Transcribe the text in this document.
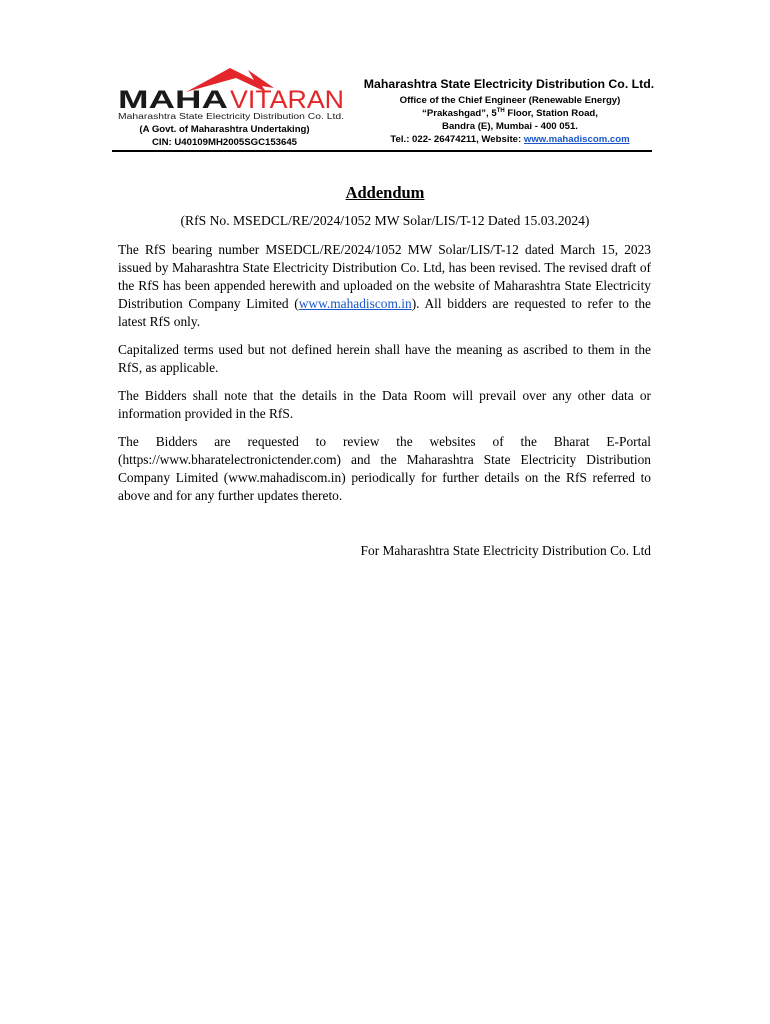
MAHA VITARAN
Maharashtra State Electricity Distribution Co. Ltd.
(A Govt. of Maharashtra Undertaking)
CIN: U40109MH2005SGC153645
Maharashtra State Electricity Distribution Co. Ltd.
Office of the Chief Engineer (Renewable Energy)
“Prakashgad”, 5TH Floor, Station Road,
Bandra (E), Mumbai - 400 051.
Tel.: 022- 26474211, Website: www.mahadiscom.com
Addendum
(RfS No. MSEDCL/RE/2024/1052 MW Solar/LIS/T-12 Dated 15.03.2024)

The RfS bearing number MSEDCL/RE/2024/1052 MW Solar/LIS/T-12 dated March 15, 2023 issued by Maharashtra State Electricity Distribution Co. Ltd, has been revised. The revised draft of the RfS has been appended herewith and uploaded on the website of Maharashtra State Electricity Distribution Company Limited (www.mahadiscom.in). All bidders are requested to refer to the latest RfS only.

Capitalized terms used but not defined herein shall have the meaning as ascribed to them in the RfS, as applicable.

The Bidders shall note that the details in the Data Room will prevail over any other data or information provided in the RfS.

The Bidders are requested to review the websites of the Bharat E-Portal (https://www.bharatelectronictender.com) and the Maharashtra State Electricity Distribution Company Limited (www.mahadiscom.in) periodically for further details on the RfS referred to above and for any further updates thereto.

For Maharashtra State Electricity Distribution Co. Ltd
